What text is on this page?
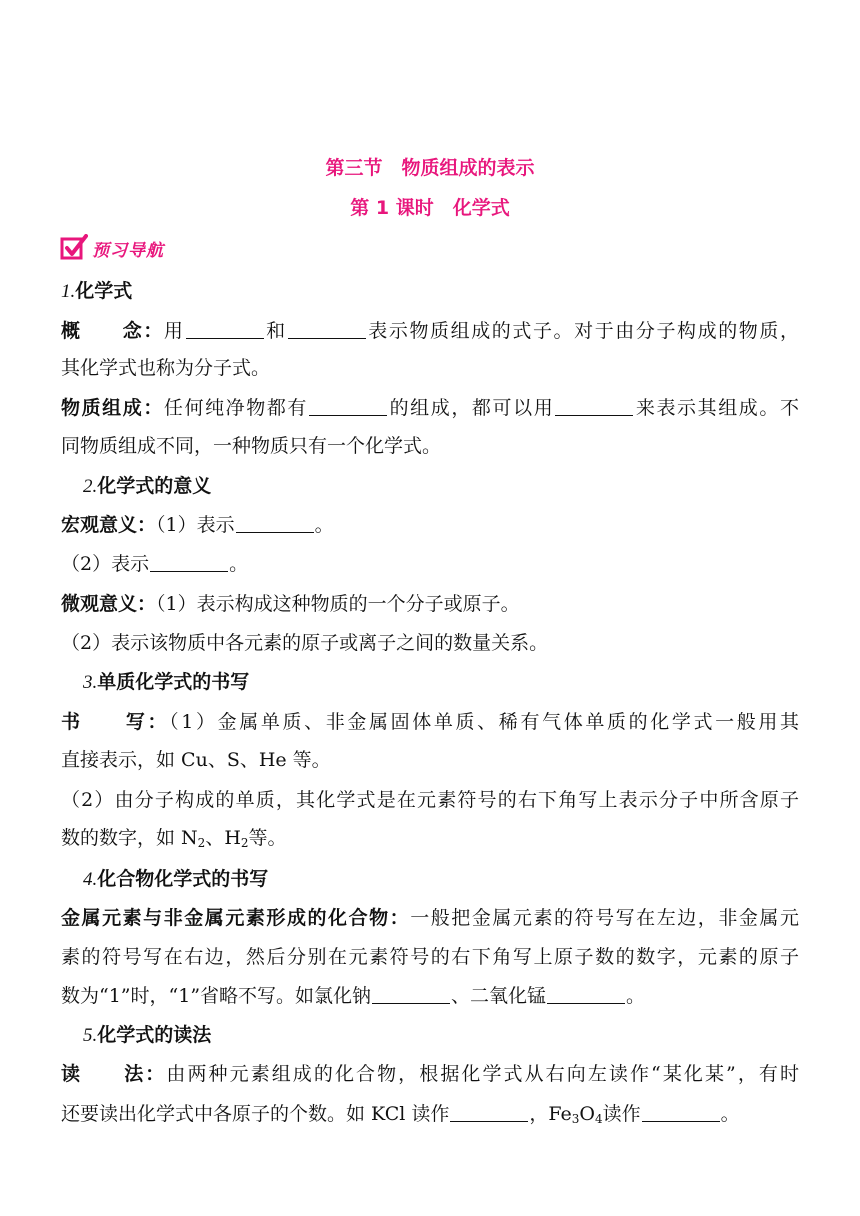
第三节　物质组成的表示
第 1 课时　化学式
预习导航
1.化学式
概　　念：用	和	表示物质组成的式子。对于由分子构成的物质，
其化学式也称为分子式。
物质组成：任何纯净物都有	的组成，都可以用	来表示其组成。不
同物质组成不同，一种物质只有一个化学式。
2.化学式的意义
宏观意义：（1）表示	。
（2）表示	。
微观意义：（1）表示构成这种物质的一个分子或原子。
（2）表示该物质中各元素的原子或离子之间的数量关系。
3.单质化学式的书写
书　　写：（1）金属单质、非金属固体单质、稀有气体单质的化学式一般用其
直接表示，如 Cu、S、He 等。
（2）由分子构成的单质，其化学式是在元素符号的右下角写上表示分子中所含原子
数的数字，如 $N_2$、$H_2$等。
4.化合物化学式的书写
金属元素与非金属元素形成的化合物：一般把金属元素的符号写在左边，非金属元
素的符号写在右边，然后分别在元素符号的右下角写上原子数的数字，元素的原子
数为“1”时，“1”省略不写。如氯化钠	、二氧化锰	。
5.化学式的读法
读　　法：由两种元素组成的化合物，根据化学式从右向左读作“某化某”，有时
还要读出化学式中各原子的个数。如 KCl 读作	，$Fe_3O_4$读作	。
